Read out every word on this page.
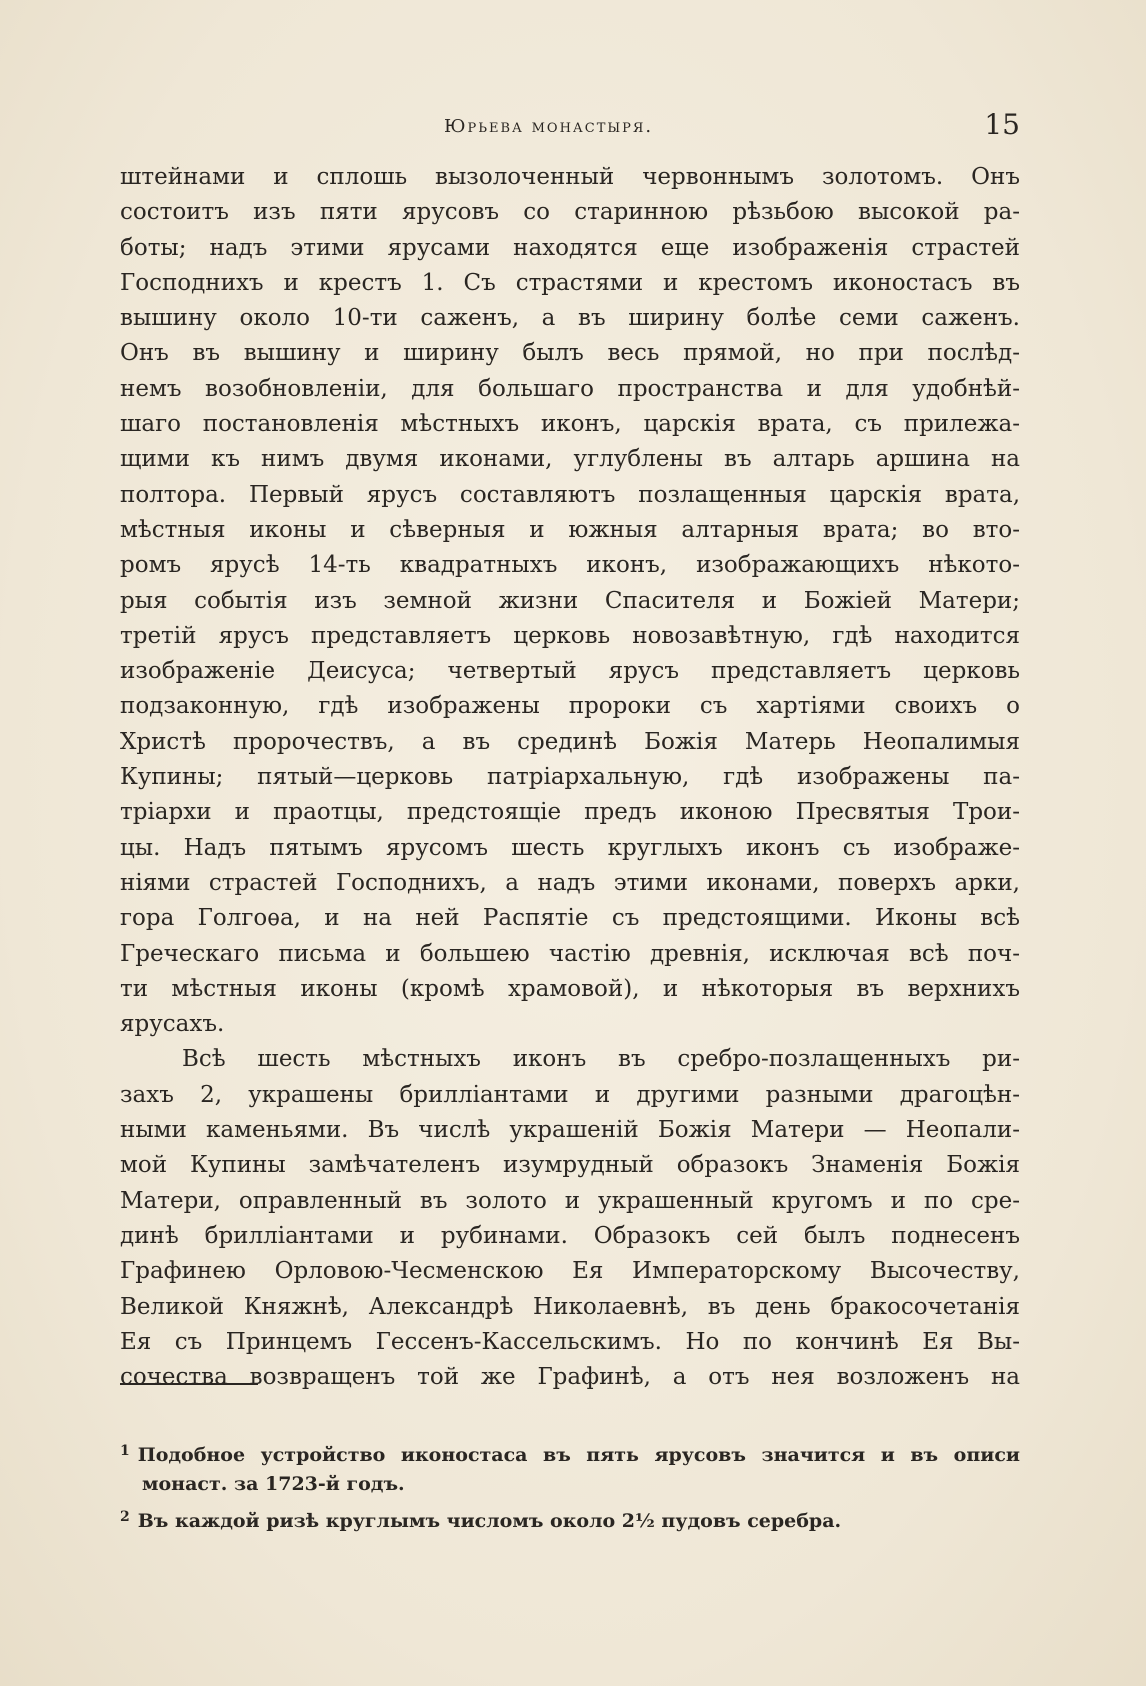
Юрьева монастыря.	15
штейнами и сплошь вызолоченный червоннымъ золотомъ. Онъ
состоитъ изъ пяти ярусовъ со старинною рѣзьбою высокой ра-
боты; надъ этими ярусами находятся еще изображенія страстей
Господнихъ и крестъ 1. Съ страстями и крестомъ иконостасъ въ
вышину около 10-ти саженъ, а въ ширину болѣе семи саженъ.
Онъ въ вышину и ширину былъ весь прямой, но при послѣд-
немъ возобновленіи, для большаго пространства и для удобнѣй-
шаго постановленія мѣстныхъ иконъ, царскія врата, съ прилежа-
щими къ нимъ двумя иконами, углублены въ алтарь аршина на
полтора. Первый ярусъ составляютъ позлащенныя царскія врата,
мѣстныя иконы и сѣверныя и южныя алтарныя врата; во вто-
ромъ ярусѣ 14-ть квадратныхъ иконъ, изображающихъ нѣкото-
рыя событія изъ земной жизни Спасителя и Божіей Матери;
третій ярусъ представляетъ церковь новозавѣтную, гдѣ находится
изображеніе Деисуса; четвертый ярусъ представляетъ церковь
подзаконную, гдѣ изображены пророки съ хартіями своихъ о
Христѣ пророчествъ, а въ срединѣ Божія Матерь Неопалимыя
Купины; пятый—церковь патріархальную, гдѣ изображены па-
тріархи и праотцы, предстоящіе предъ иконою Пресвятыя Трои-
цы. Надъ пятымъ ярусомъ шесть круглыхъ иконъ съ изображе-
ніями страстей Господнихъ, а надъ этими иконами, поверхъ арки,
гора Голгоѳа, и на ней Распятіе съ предстоящими. Иконы всѣ
Греческаго письма и большею частію древнія, исключая всѣ поч-
ти мѣстныя иконы (кромѣ храмовой), и нѣкоторыя въ верхнихъ
ярусахъ.
Всѣ шесть мѣстныхъ иконъ въ сребро-позлащенныхъ ри-
захъ 2, украшены бриллiантами и другими разными драгоцѣн-
ными каменьями. Въ числѣ украшеній Божія Матери — Неопали-
мой Купины замѣчателенъ изумрудный образокъ Знаменія Божія
Матери, оправленный въ золото и украшенный кругомъ и по сре-
динѣ бриллiантами и рубинами. Образокъ сей былъ поднесенъ
Графинею Орловою-Чесменскою Ея Императорскому Высочеству,
Великой Княжнѣ, Александрѣ Николаевнѣ, въ день бракосочетанія
Ея съ Принцемъ Гессенъ-Кассельскимъ. Но по кончинѣ Ея Вы-
сочества возвращенъ той же Графинѣ, а отъ нея возложенъ на
$^1$ Подобное устройство иконостаса въ пять ярусовъ значится и въ описи
монаст. за 1723-й годъ.
$^2$ Въ каждой ризѣ круглымъ числомъ около 2½ пудовъ серебра.
